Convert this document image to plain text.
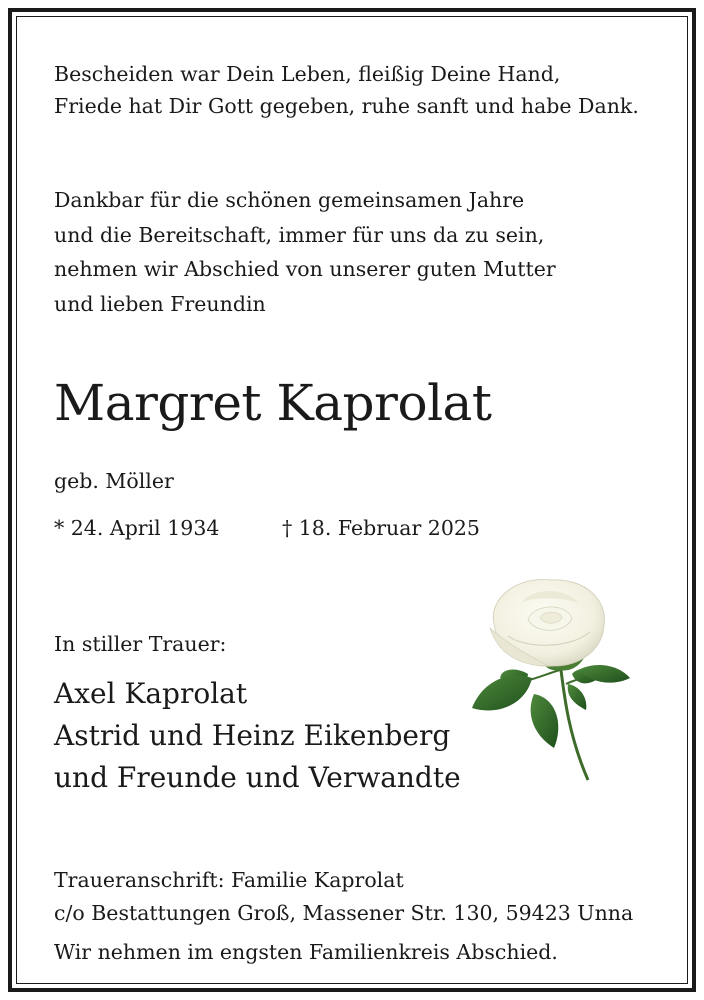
Bescheiden war Dein Leben, fleißig Deine Hand,
Friede hat Dir Gott gegeben, ruhe sanft und habe Dank.
Dankbar für die schönen gemeinsamen Jahre
und die Bereitschaft, immer für uns da zu sein,
nehmen wir Abschied von unserer guten Mutter
und lieben Freundin
Margret Kaprolat
geb. Möller
* 24. April 1934	† 18. Februar 2025
In stiller Trauer:
Axel Kaprolat
Astrid und Heinz Eikenberg
und Freunde und Verwandte
Traueranschrift: Familie Kaprolat
c/o Bestattungen Groß, Massener Str. 130, 59423 Unna
Wir nehmen im engsten Familienkreis Abschied.
